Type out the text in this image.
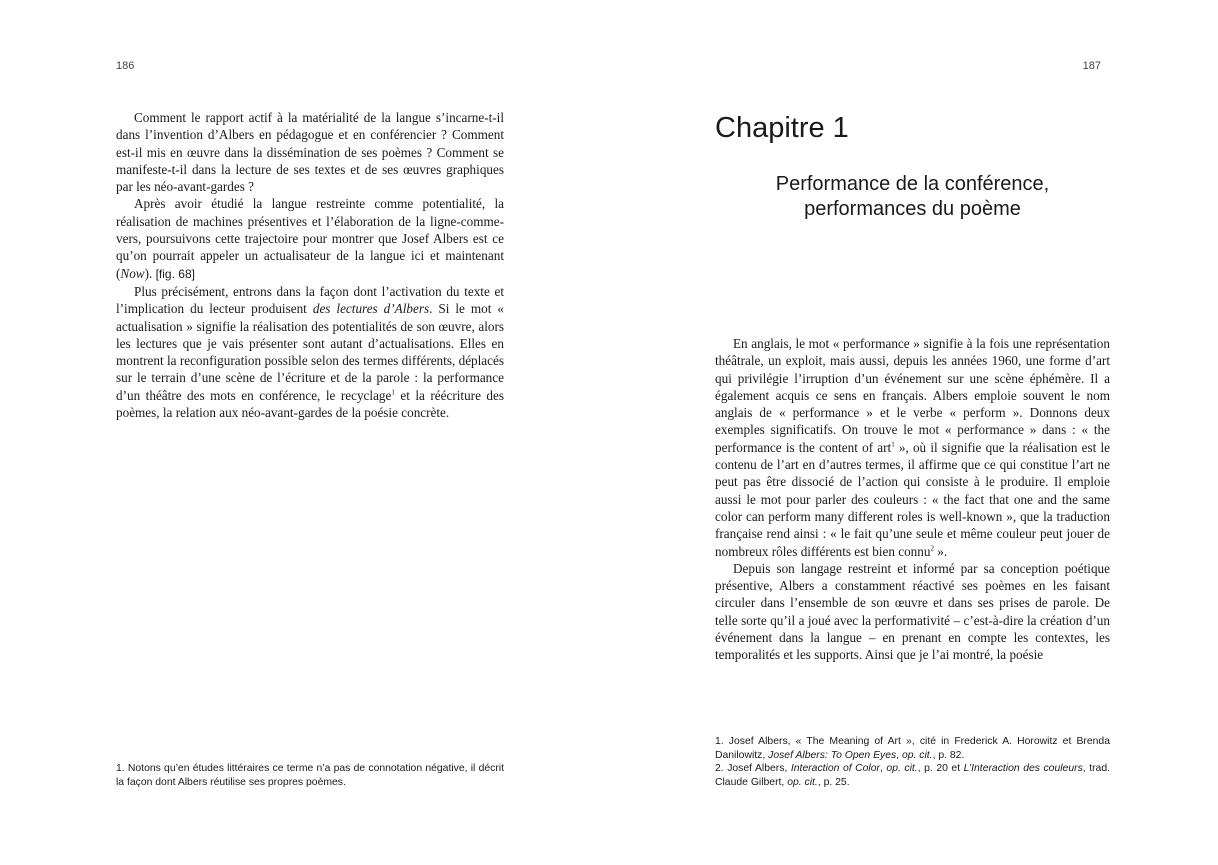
186

Comment le rapport actif à la matérialité de la langue s’incarne-t-il dans l’invention d’Albers en pédagogue et en conférencier ? Comment est-il mis en œuvre dans la dissémination de ses poèmes ? Comment se manifeste-t-il dans la lecture de ses textes et de ses œuvres graphiques par les néo-avant-gardes ?

Après avoir étudié la langue restreinte comme potentialité, la réalisation de machines présentives et l’élaboration de la ligne-comme-vers, poursuivons cette trajectoire pour montrer que Josef Albers est ce qu’on pourrait appeler un actualisateur de la langue ici et maintenant (Now). [fig. 68]

Plus précisément, entrons dans la façon dont l’activation du texte et l’implication du lecteur produisent des lectures d’Albers. Si le mot « actualisation » signifie la réalisation des potentialités de son œuvre, alors les lectures que je vais présenter sont autant d’actualisations. Elles en montrent la reconfiguration possible selon des termes différents, déplacés sur le terrain d’une scène de l’écriture et de la parole : la performance d’un théâtre des mots en conférence, le recyclage$^1$ et la réécriture des poèmes, la relation aux néo-avant-gardes de la poésie concrète.

1. Notons qu’en études littéraires ce terme n’a pas de connotation négative, il décrit la façon dont Albers réutilise ses propres poèmes.

187
Chapitre 1
Performance de la conférence,
performances du poème

En anglais, le mot « performance » signifie à la fois une représentation théâtrale, un exploit, mais aussi, depuis les années 1960, une forme d’art qui privilégie l’irruption d’un événement sur une scène éphémère. Il a également acquis ce sens en français. Albers emploie souvent le nom anglais de « performance » et le verbe « perform ». Donnons deux exemples significatifs. On trouve le mot « performance » dans : « the performance is the content of art$^1$ », où il signifie que la réalisation est le contenu de l’art en d’autres termes, il affirme que ce qui constitue l’art ne peut pas être dissocié de l’action qui consiste à le produire. Il emploie aussi le mot pour parler des couleurs : « the fact that one and the same color can perform many different roles is well-known », que la traduction française rend ainsi : « le fait qu’une seule et même couleur peut jouer de nombreux rôles différents est bien connu$^2$ ».

Depuis son langage restreint et informé par sa conception poétique présentive, Albers a constamment réactivé ses poèmes en les faisant circuler dans l’ensemble de son œuvre et dans ses prises de parole. De telle sorte qu’il a joué avec la performativité – c’est-à-dire la création d’un événement dans la langue – en prenant en compte les contextes, les temporalités et les supports. Ainsi que je l’ai montré, la poésie

1. Josef Albers, « The Meaning of Art », cité in Frederick A. Horowitz et Brenda Danilowitz, Josef Albers: To Open Eyes, op. cit., p. 82.

2. Josef Albers, Interaction of Color, op. cit., p. 20 et L’Interaction des couleurs, trad. Claude Gilbert, op. cit., p. 25.
